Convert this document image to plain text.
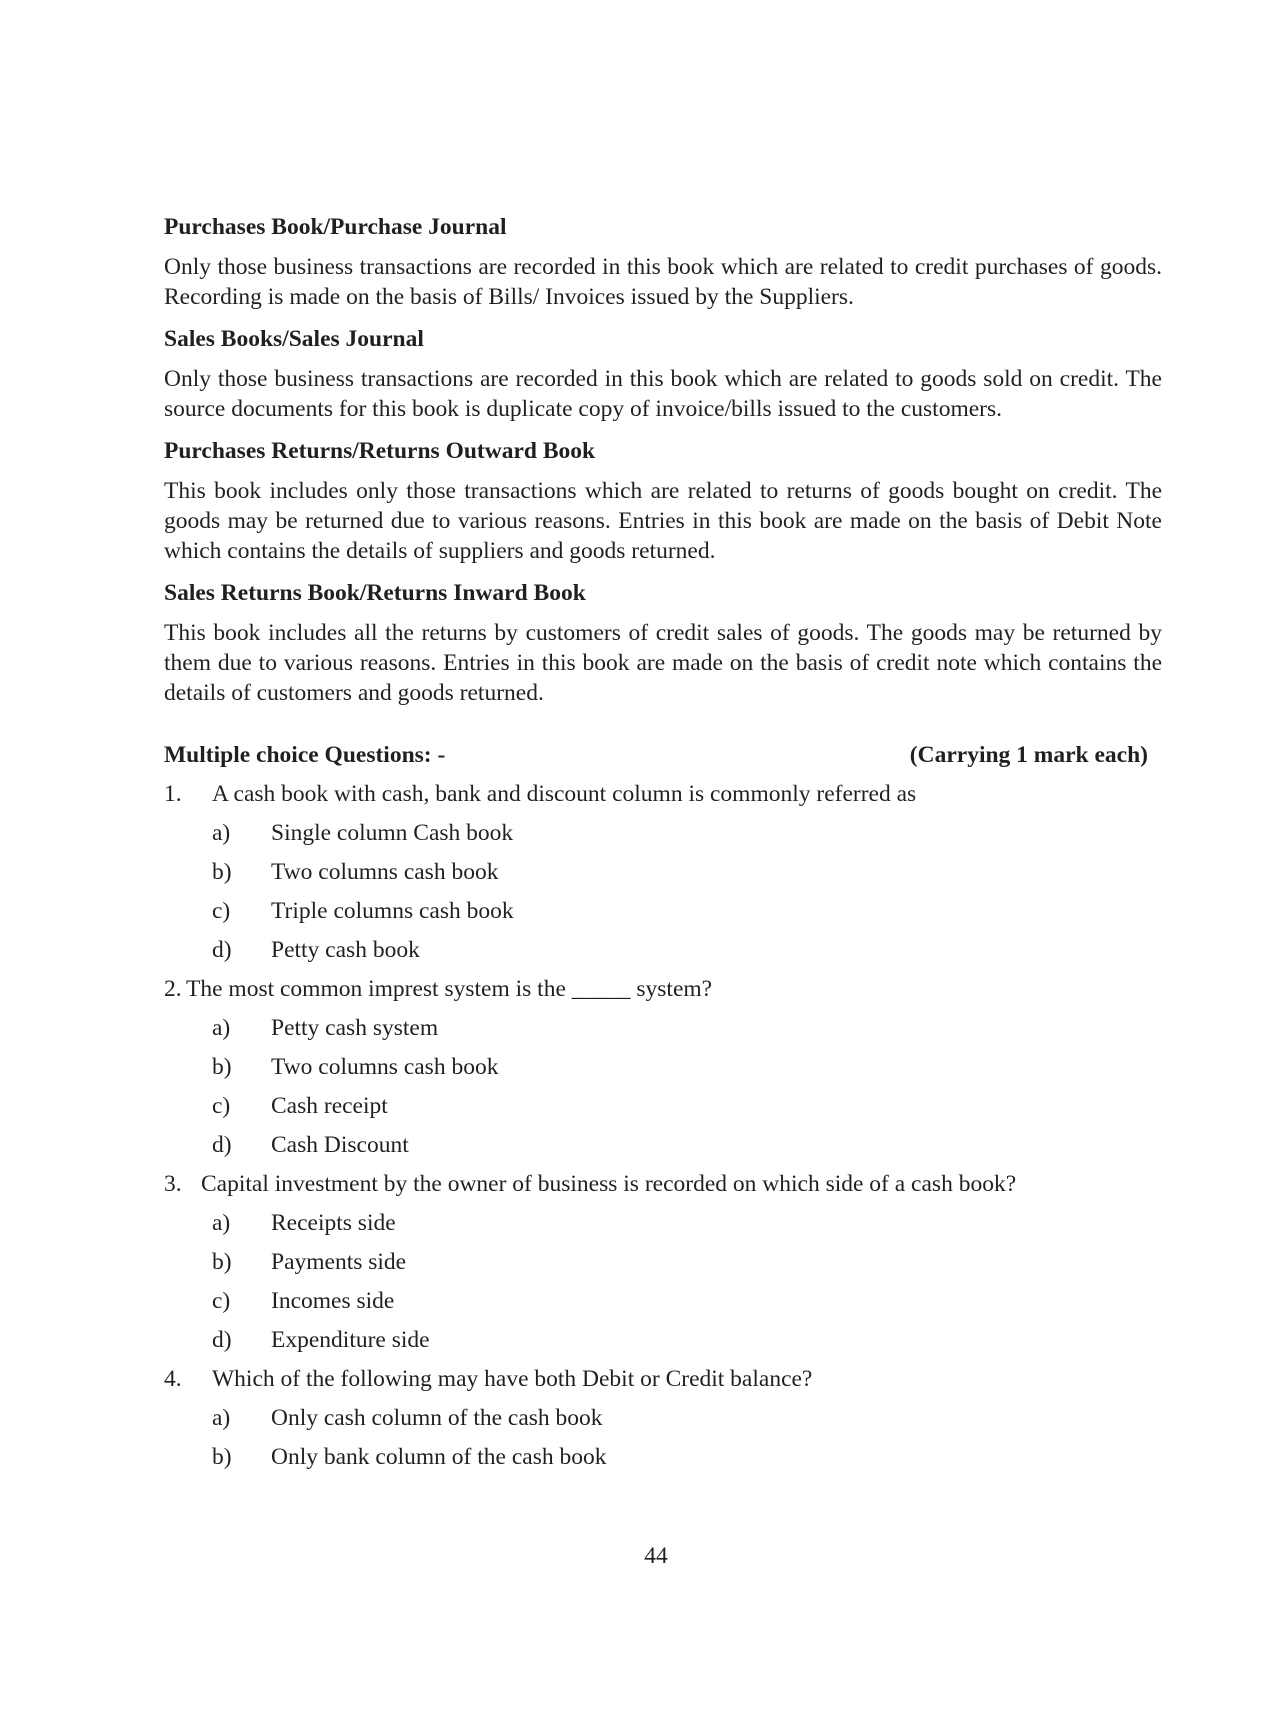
Purchases Book/Purchase Journal
Only those business transactions are recorded in this book which are related to credit purchases of goods. Recording is made on the basis of Bills/ Invoices issued by the Suppliers.
Sales Books/Sales Journal
Only those business transactions are recorded in this book which are related to goods sold on credit. The source documents for this book is duplicate copy of invoice/bills issued to the customers.
Purchases Returns/Returns Outward Book
This book includes only those transactions which are related to returns of goods bought on credit. The goods may be returned due to various reasons. Entries in this book are made on the basis of Debit Note which contains the details of suppliers and goods returned.
Sales Returns Book/Returns Inward Book
This book includes all the returns by customers of credit sales of goods. The goods may be returned by them due to various reasons. Entries in this book are made on the basis of credit note which contains the details of customers and goods returned.
Multiple choice Questions: -	(Carrying 1 mark each)
1.	A cash book with cash, bank and discount column is commonly referred as
a)	Single column Cash book
b)	Two columns cash book
c)	Triple columns cash book
d)	Petty cash book
2. The most common imprest system is the _____ system?
a)	Petty cash system
b)	Two columns cash book
c)	Cash receipt
d)	Cash Discount
3. Capital investment by the owner of business is recorded on which side of a cash book?
a)	Receipts side
b)	Payments side
c)	Incomes side
d)	Expenditure side
4.	Which of the following may have both Debit or Credit balance?
a)	Only cash column of the cash book
b)	Only bank column of the cash book
44
